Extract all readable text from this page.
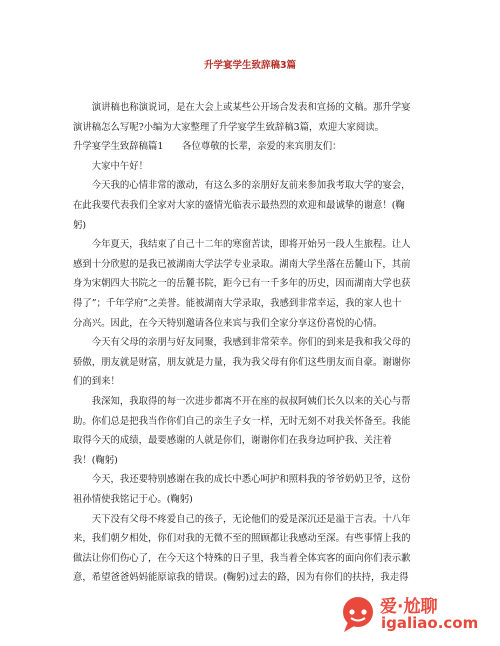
升学宴学生致辞稿3篇
　　演讲稿也称演说词，是在大会上或某些公开场合发表和宣扬的文稿。那升学宴
演讲稿怎么写呢?小编为大家整理了升学宴学生致辞稿3篇，欢迎大家阅读。
升学宴学生致辞稿篇1　　各位尊敬的长辈，亲爱的来宾朋友们：
　　大家中午好！
　　今天我的心情非常的激动，有这么多的亲朋好友前来参加我考取大学的宴会，
在此我要代表我们全家对大家的盛情光临表示最热烈的欢迎和最诚挚的谢意！(鞠
躬)
　　今年夏天，我结束了自己十二年的寒窗苦读，即将开始另一段人生旅程。让人
感到十分欣慰的是我已被湖南大学法学专业录取。湖南大学坐落在岳麓山下，其前
身为宋朝四大书院之一的岳麓书院，距今已有一千多年的历史，因而湖南大学也获
得了”；千年学府”之美誉。能被湖南大学录取，我感到非常幸运，我的家人也十
分高兴。因此，在今天特别邀请各位来宾与我们全家分享这份喜悦的心情。
　　今天有父母的亲朋与好友同聚，我感到非常荣幸。你们的到来是我和我父母的
骄傲，朋友就是财富，朋友就是力量，我为我父母有你们这些朋友而自豪。谢谢你
们的到来！
　　我深知，我取得的每一次进步都离不开在座的叔叔阿姨们长久以来的关心与帮
助。你们总是把我当作你们自己的亲生子女一样，无时无刻不对我关怀备至。我能
取得今天的成绩，最要感谢的人就是你们，谢谢你们在我身边呵护我、关注着
我！(鞠躬)
　　今天，我还要特别感谢在我的成长中悉心呵护和照料我的爷爷奶奶卫爷，这份
祖孙情使我铭记于心。(鞠躬)
　　天下没有父母不疼爱自己的孩子，无论他们的爱是深沉还是溢于言表。十八年
来，我们朝夕相处，你们对我的无微不至的照顾都让我感动至深。有些事情上我的
做法让你们伤心了，在今天这个特殊的日子里，我当着全体宾客的面向你们表示歉
意，希望爸爸妈妈能原谅我的错误。(鞠躬)过去的路，因为有你们的扶持，我走得
爱·尬聊
igaliao.com
